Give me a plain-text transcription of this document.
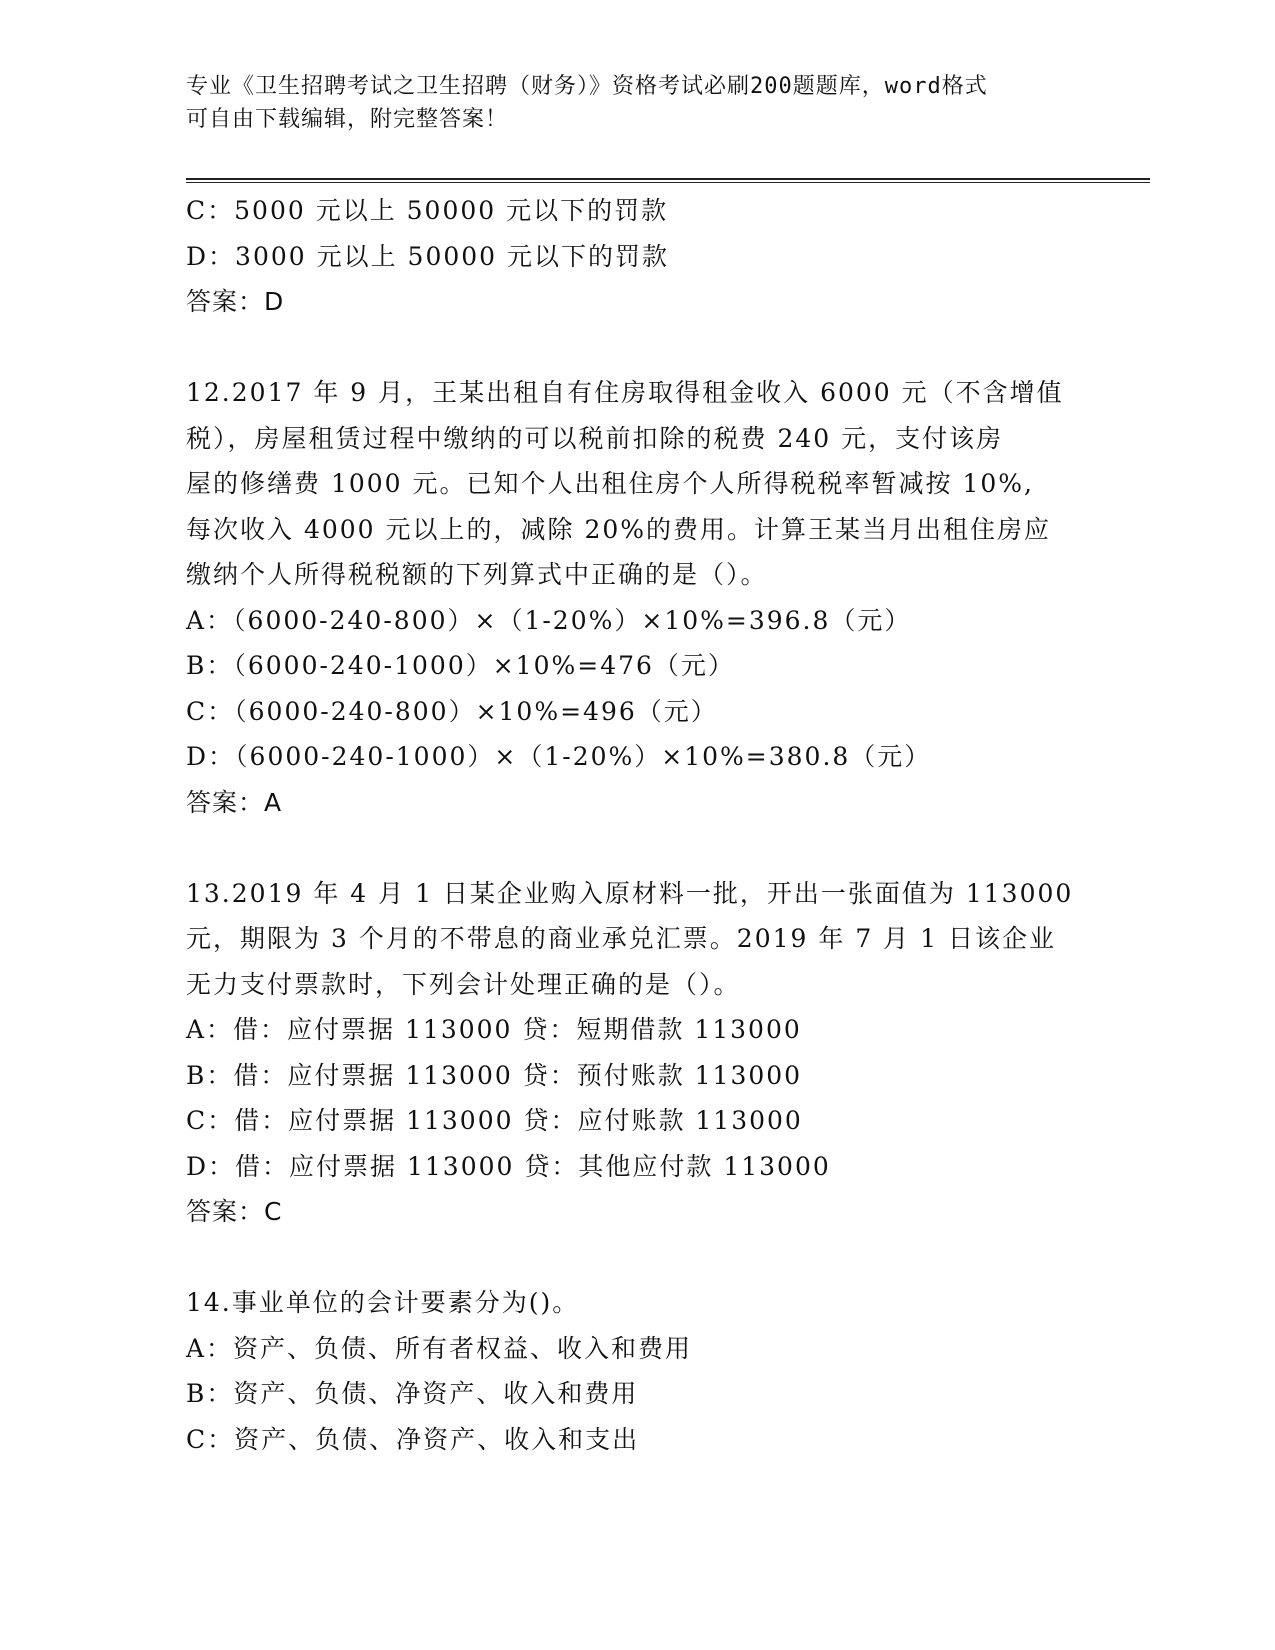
专业《卫生招聘考试之卫生招聘（财务）》资格考试必刷200题题库，word格式
可自由下载编辑，附完整答案！
C：5000 元以上 50000 元以下的罚款
D：3000 元以上 50000 元以下的罚款
答案：D
12.2017 年 9 月，王某出租自有住房取得租金收入 6000 元（不含增值
税），房屋租赁过程中缴纳的可以税前扣除的税费 240 元，支付该房
屋的修缮费 1000 元。已知个人出租住房个人所得税税率暂减按 10%,
每次收入 4000 元以上的，减除 20%的费用。计算王某当月出租住房应
缴纳个人所得税税额的下列算式中正确的是（）。
A：（6000-240-800）×（1-20%）×10%=396.8（元）
B：（6000-240-1000）×10%=476（元）
C：（6000-240-800）×10%=496（元）
D：（6000-240-1000）×（1-20%）×10%=380.8（元）
答案：A
13.2019 年 4 月 1 日某企业购入原材料一批，开出一张面值为 113000
元，期限为 3 个月的不带息的商业承兑汇票。2019 年 7 月 1 日该企业
无力支付票款时，下列会计处理正确的是（）。
A：借：应付票据 113000 贷：短期借款 113000
B：借：应付票据 113000 贷：预付账款 113000
C：借：应付票据 113000 贷：应付账款 113000
D：借：应付票据 113000 贷：其他应付款 113000
答案：C
14.事业单位的会计要素分为()。
A：资产、负债、所有者权益、收入和费用
B：资产、负债、净资产、收入和费用
C：资产、负债、净资产、收入和支出
